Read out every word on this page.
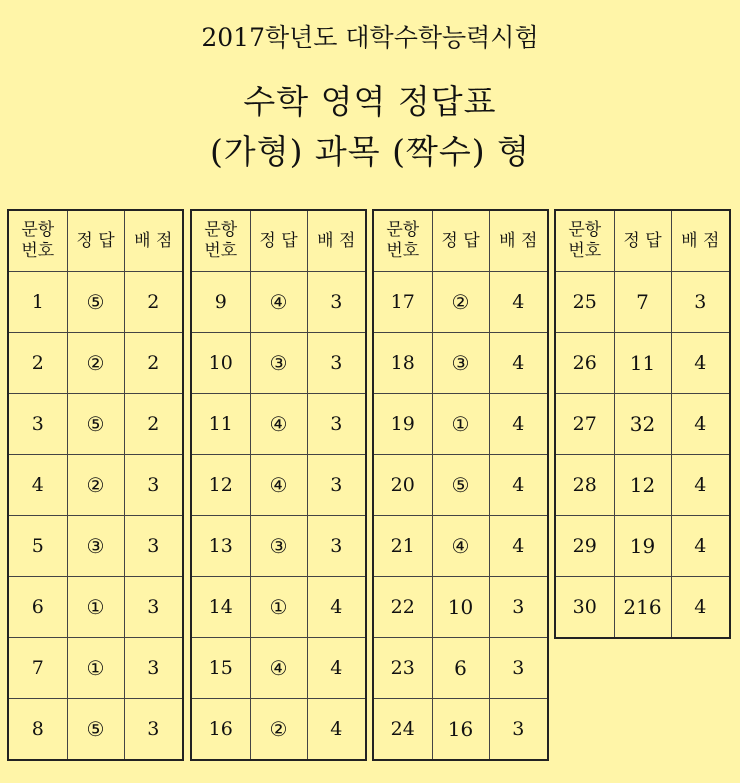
2017학년도 대학수학능력시험
수학 영역 정답표
(가형) 과목 (짝수) 형
문항
번호	정 답	배 점
1	⑤	2
2	②	2
3	⑤	2
4	②	3
5	③	3
6	①	3
7	①	3
8	⑤	3
문항
번호	정 답	배 점
9	④	3
10	③	3
11	④	3
12	④	3
13	③	3
14	①	4
15	④	4
16	②	4
문항
번호	정 답	배 점
17	②	4
18	③	4
19	①	4
20	⑤	4
21	④	4
22	10	3
23	6	3
24	16	3
문항
번호	정 답	배 점
25	7	3
26	11	4
27	32	4
28	12	4
29	19	4
30	216	4
